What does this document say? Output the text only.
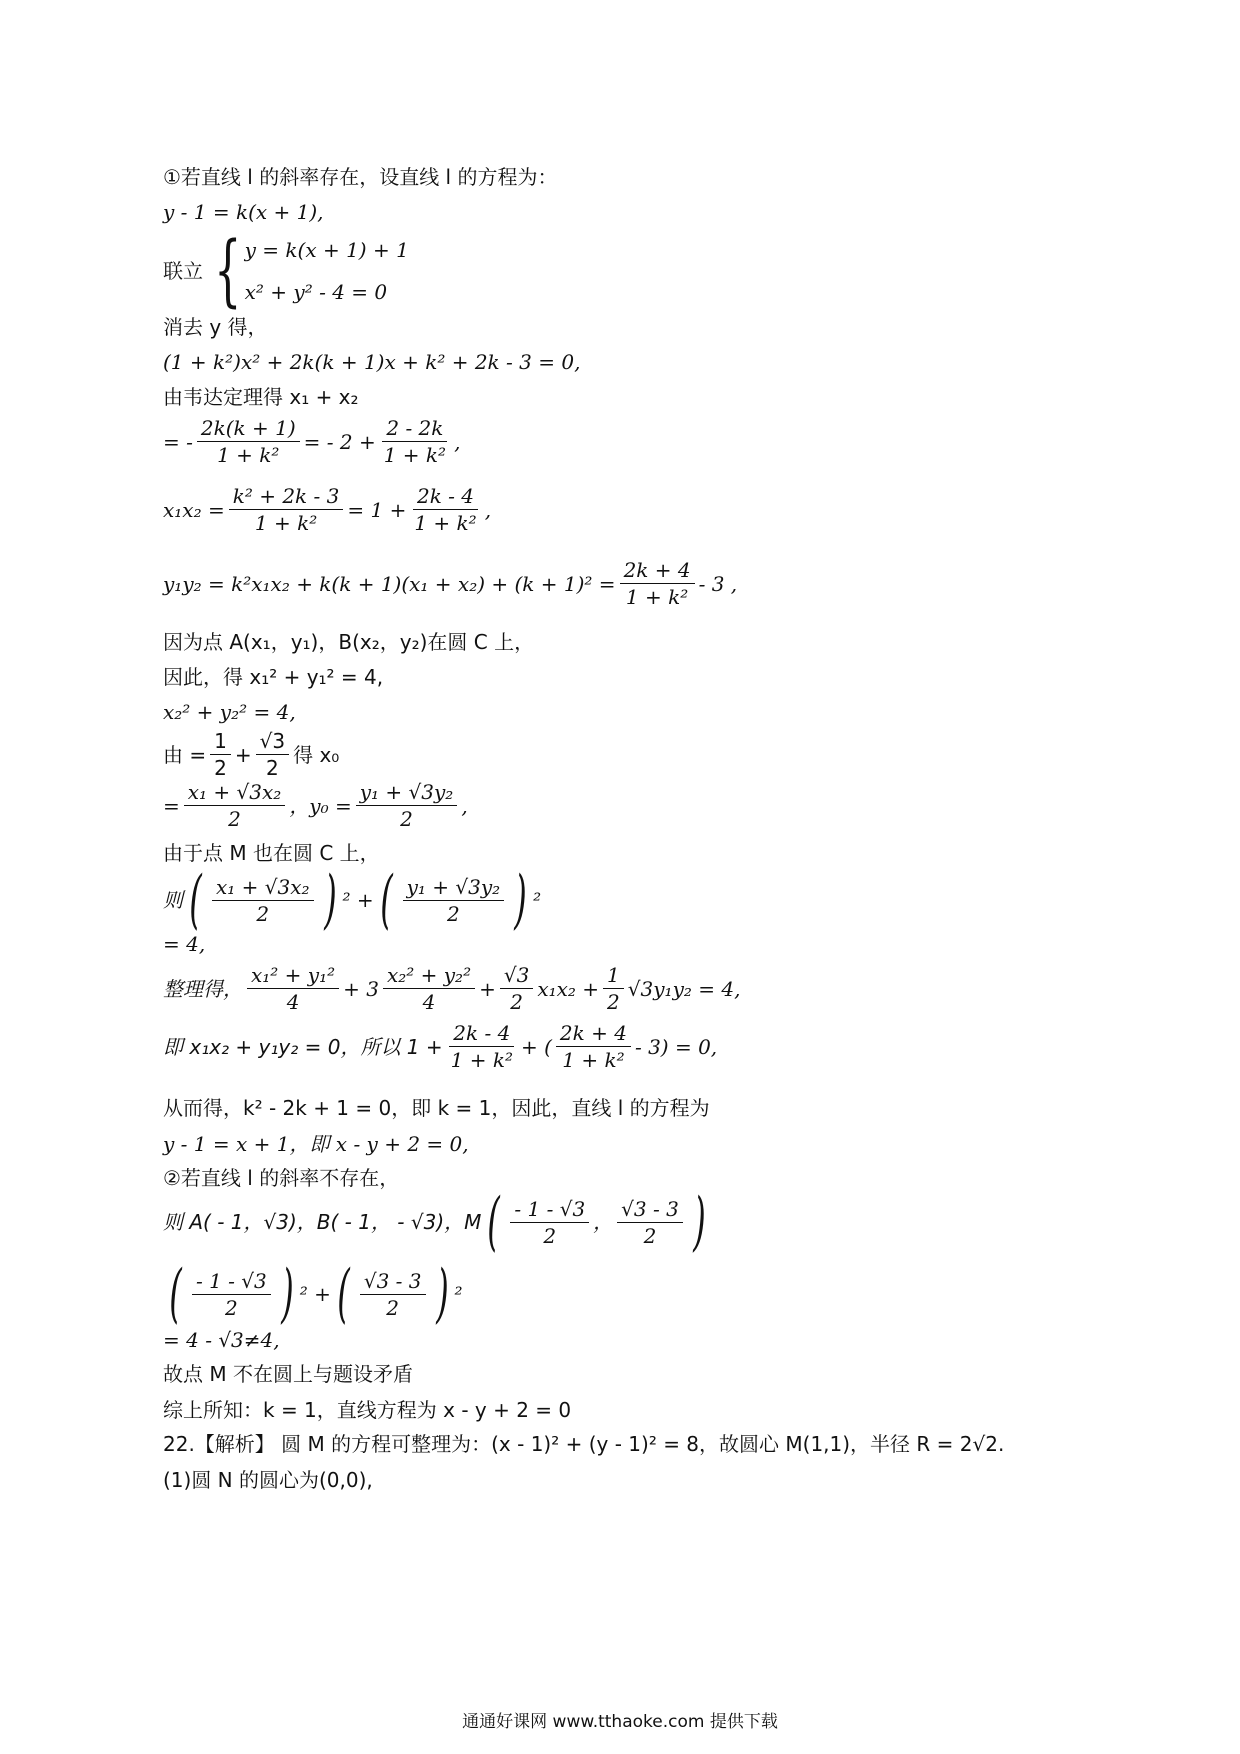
①若直线 l 的斜率存在，设直线 l 的方程为：
y - 1 = k(x + 1),
联立 { y = k(x + 1) + 1
x² + y² - 4 = 0
消去 y 得，
(1 + k²)x² + 2k(k + 1)x + k² + 2k - 3 = 0,
由韦达定理得 x₁ + x₂
= - $\frac{2k(k + 1)}{\text{1 + k²}}$ = - $2 + \frac{2 - 2k}{\text{1 + k²}}$ ,
$x_1x_2 = \frac{\text{k² + 2k - 3}}{\text{1 + k²}} = 1 + \frac{2k - 4}{\text{1 + k²}}$ ,
$y_1y_2 = k^2x_1x_2 + k(k + 1)(x_1 + x_2) + (k + 1)^2 = \frac{2k + 4}{\text{1 + k²}} - 3$ ,
因为点 A(x₁，y₁)，B(x₂，y₂)在圆 C 上，
因此，得 x₁² + y₁² = 4,
x₂² + y₂² = 4,
由 = $\frac{1}{2} + \frac{√3}{2}$ 得 x₀
= $\frac{\text{x₁ + √3x₂}}{2}$ ，$y_0 = \frac{\text{y₁ + √3y₂}}{2}$ ,
由于点 M 也在圆 C 上，
则 ( $\frac{\text{x₁ + √3x₂}}{2}$ ) ² + ( $\frac{\text{y₁ + √3y₂}}{2}$ ) ²
= 4,
整理得， $\frac{\text{x₁² + y₁²}}{4} + 3 \frac{\text{x₂² + y₂²}}{4} + \frac{√3}{2} x_1x_2 + \frac{1}{2} √3y_1y_2 = 4$,
即 x₁x₂ + y₁y₂ = 0，所以 $1 + \frac{2k - 4}{\text{1 + k²}}$ + ( $\frac{2k + 4}{\text{1 + k²}} - 3) = 0$,
从而得，k² - 2k + 1 = 0，即 k = 1，因此，直线 l 的方程为
y - 1 = x + 1，即 x - y + 2 = 0,
②若直线 l 的斜率不存在，
则 A( - 1，√3)，B( - 1， - √3)，M ( $\frac{- 1 - √3}{2}$ ， $\frac{√3 - 3}{2}$ )
( $\frac{- 1 - √3}{2}$ ) ² + ( $\frac{√3 - 3}{2}$ ) ²
= 4 - √3≠4,
故点 M 不在圆上与题设矛盾
综上所知：k = 1，直线方程为 x - y + 2 = 0
22.【解析】 圆 M 的方程可整理为：(x - 1)² + (y - 1)² = 8，故圆心 M(1,1)，半径 R = 2√2.
(1)圆 N 的圆心为(0,0),
通通好课网 www.tthaoke.com 提供下载
